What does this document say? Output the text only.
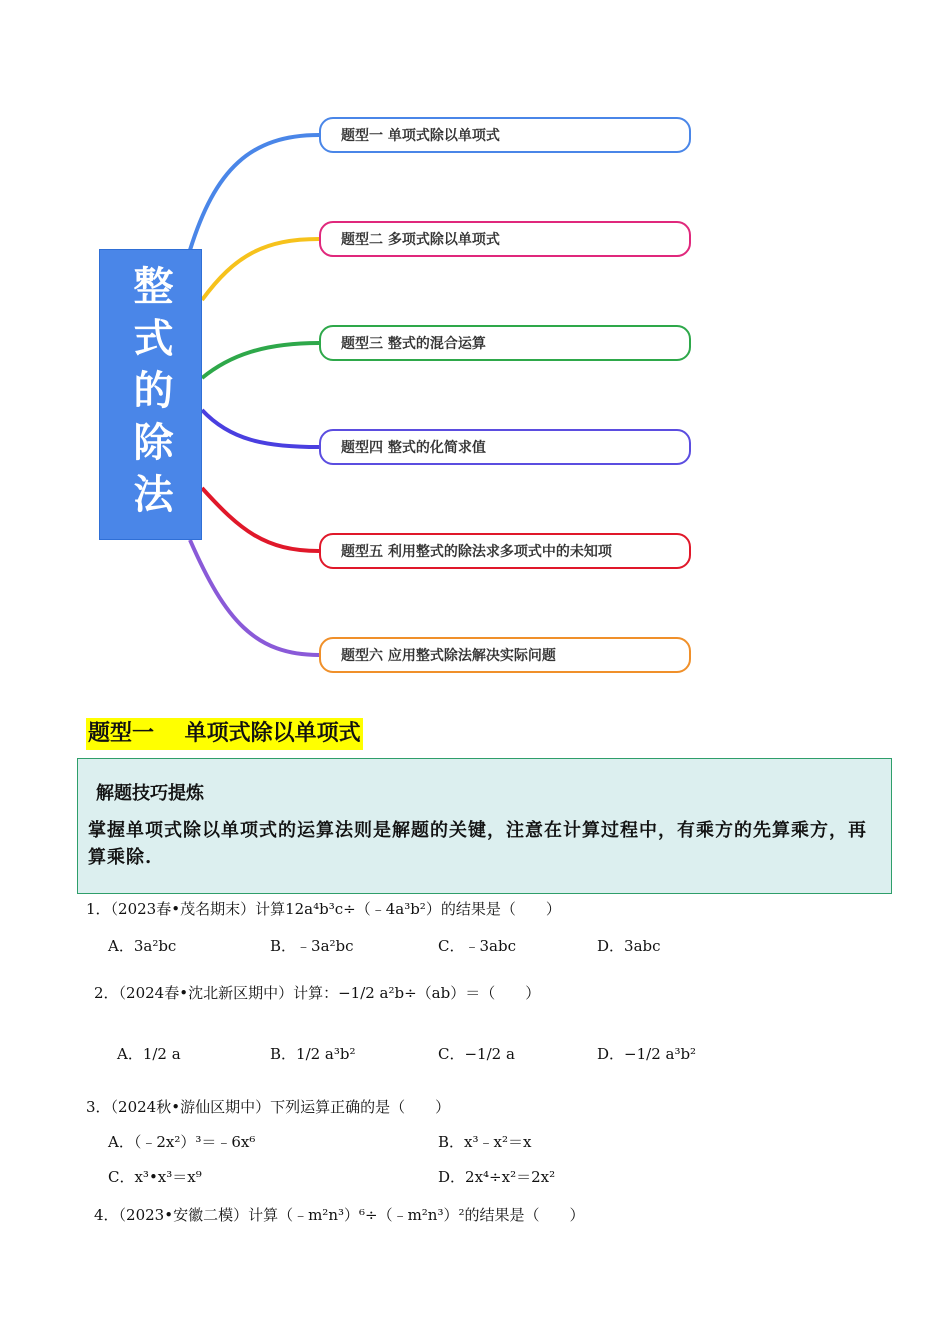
整式的除法
题型一 单项式除以单项式
题型二 多项式除以单项式
题型三 整式的混合运算
题型四 整式的化简求值
题型五 利用整式的除法求多项式中的未知项
题型六 应用整式除法解决实际问题
题型一    单项式除以单项式
解题技巧提炼
掌握单项式除以单项式的运算法则是解题的关键，注意在计算过程中，有乘方的先算乘方，再算乘除.
1．（2023春•茂名期末）计算12a⁴b³c÷（﹣4a³b²）的结果是（　　）
A．3a²bc	B．﹣3a²bc	C．﹣3abc	D．3abc
2．（2024春•沈北新区期中）计算：−1/2 a²b÷（ab）＝（　　）
A．1/2 a	B．1/2 a³b²	C．−1/2 a	D．−1/2 a³b²
3．（2024秋•游仙区期中）下列运算正确的是（　　）
A．（﹣2x²）³＝﹣6x⁶	B．x³﹣x²＝x
C．x³•x³＝x⁹	D．2x⁴÷x²＝2x²
4．（2023•安徽二模）计算（﹣m²n³）⁶÷（﹣m²n³）²的结果是（　　）
